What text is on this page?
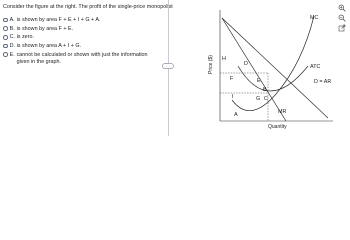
Consider the figure at the right. The profit of the single-price monopolist
A. is shown by area F + E + I + G + A.
B. is shown by area F + E.
C. is zero.
D. is shown by area A + I + G.
E. cannot be calculated or shown with just the information given in the graph.
…	Price ($)
Quantity
D = AR
MR
MC
ATC
H
D
F	E
I
B
G C
A
